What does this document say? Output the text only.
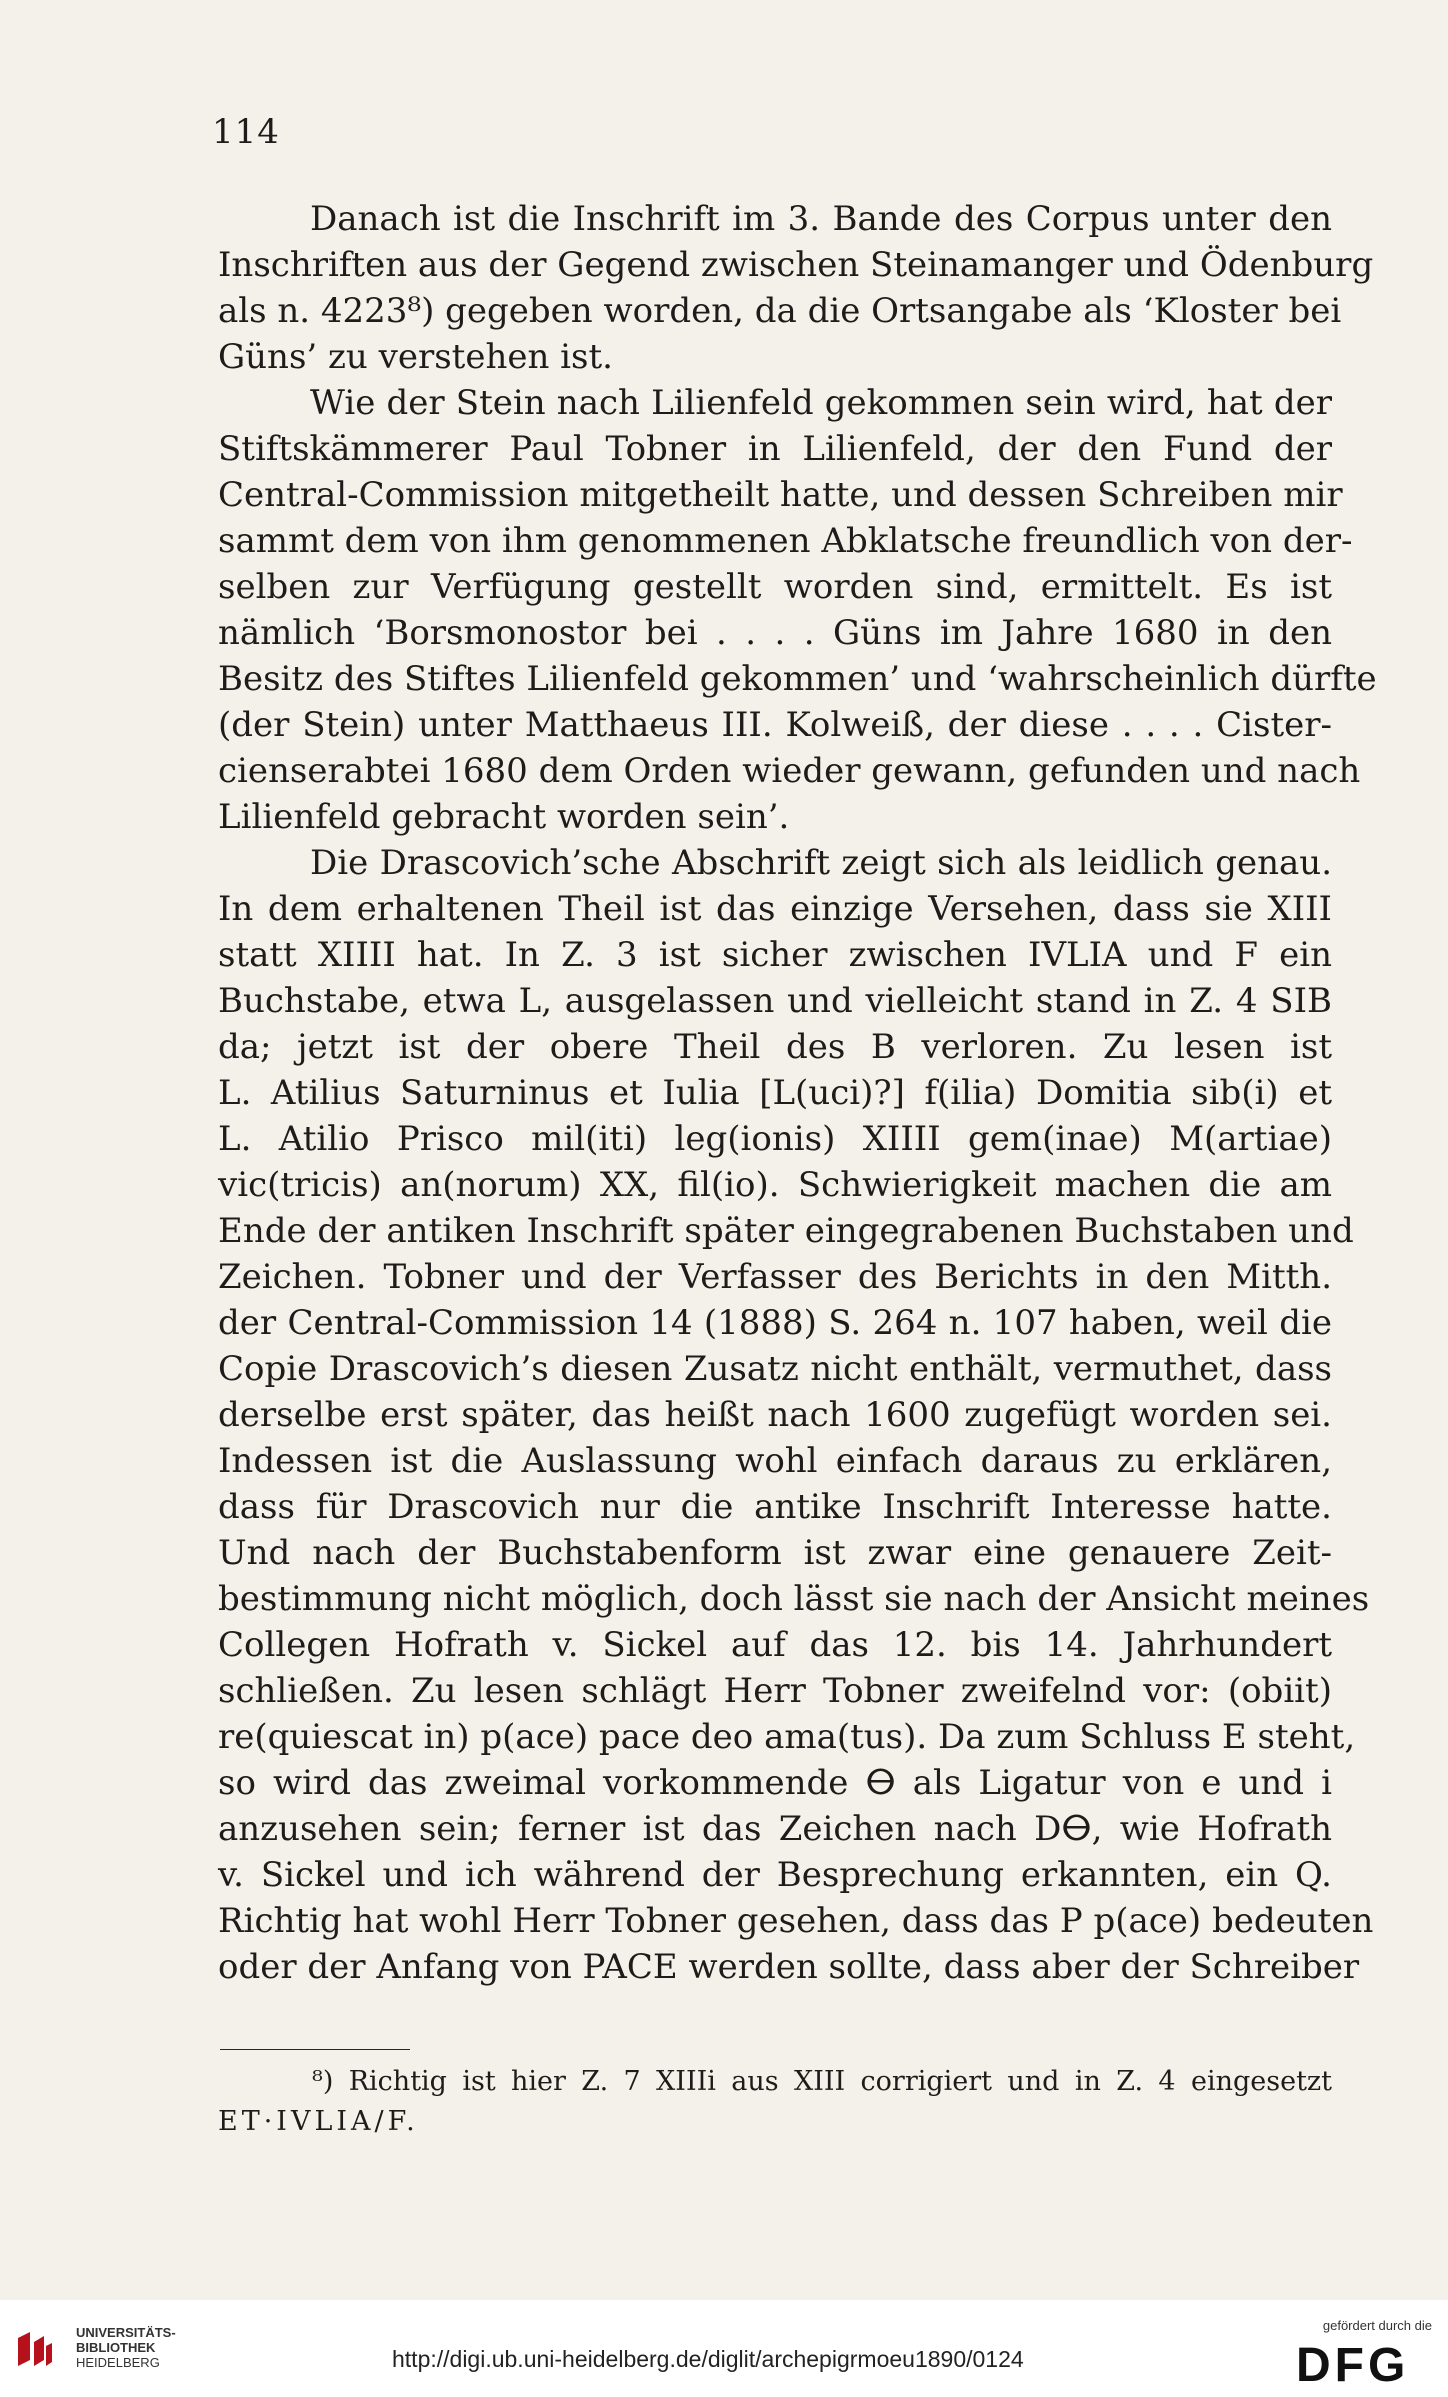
114
Danach ist die Inschrift im 3. Bande des Corpus unter den
Inschriften aus der Gegend zwischen Steinamanger und Ödenburg
als n. 4223⁸) gegeben worden, da die Ortsangabe als ‘Kloster bei
Güns’ zu verstehen ist.
Wie der Stein nach Lilienfeld gekommen sein wird, hat der
Stiftskämmerer Paul Tobner in Lilienfeld, der den Fund der
Central-Commission mitgetheilt hatte, und dessen Schreiben mir
sammt dem von ihm genommenen Abklatsche freundlich von der-
selben zur Verfügung gestellt worden sind, ermittelt. Es ist
nämlich ‘Borsmonostor bei . . . . Güns im Jahre 1680 in den
Besitz des Stiftes Lilienfeld gekommen’ und ‘wahrscheinlich dürfte
(der Stein) unter Matthaeus III. Kolweiß, der diese . . . . Cister-
cienserabtei 1680 dem Orden wieder gewann, gefunden und nach
Lilienfeld gebracht worden sein’.
Die Drascovich’sche Abschrift zeigt sich als leidlich genau.
In dem erhaltenen Theil ist das einzige Versehen, dass sie XIII
statt XIIII hat. In Z. 3 ist sicher zwischen IVLIA und F ein
Buchstabe, etwa L, ausgelassen und vielleicht stand in Z. 4 SIB
da; jetzt ist der obere Theil des B verloren. Zu lesen ist
L. Atilius Saturninus et Iulia [L(uci)?] f(ilia) Domitia sib(i) et
L. Atilio Prisco mil(iti) leg(ionis) XIIII gem(inae) M(artiae)
vic(tricis) an(norum) XX, fil(io). Schwierigkeit machen die am
Ende der antiken Inschrift später eingegrabenen Buchstaben und
Zeichen. Tobner und der Verfasser des Berichts in den Mitth.
der Central-Commission 14 (1888) S. 264 n. 107 haben, weil die
Copie Drascovich’s diesen Zusatz nicht enthält, vermuthet, dass
derselbe erst später, das heißt nach 1600 zugefügt worden sei.
Indessen ist die Auslassung wohl einfach daraus zu erklären,
dass für Drascovich nur die antike Inschrift Interesse hatte.
Und nach der Buchstabenform ist zwar eine genauere Zeit-
bestimmung nicht möglich, doch lässt sie nach der Ansicht meines
Collegen Hofrath v. Sickel auf das 12. bis 14. Jahrhundert
schließen. Zu lesen schlägt Herr Tobner zweifelnd vor: (obiit)
re(quiescat in) p(ace) pace deo ama(tus). Da zum Schluss E steht,
so wird das zweimal vorkommende ⴱ als Ligatur von e und i
anzusehen sein; ferner ist das Zeichen nach Dⴱ, wie Hofrath
v. Sickel und ich während der Besprechung erkannten, ein Q.
Richtig hat wohl Herr Tobner gesehen, dass das P p(ace) bedeuten
oder der Anfang von PACE werden sollte, dass aber der Schreiber
⁸) Richtig ist hier Z. 7 XIIIi aus XIII corrigiert und in Z. 4 eingesetzt
ET·IVLIA/F.
UNIVERSITÄTS-
BIBLIOTHEK
HEIDELBERG	http://digi.ub.uni-heidelberg.de/diglit/archepigrmoeu1890/0124
gefördert durch die
DFG
